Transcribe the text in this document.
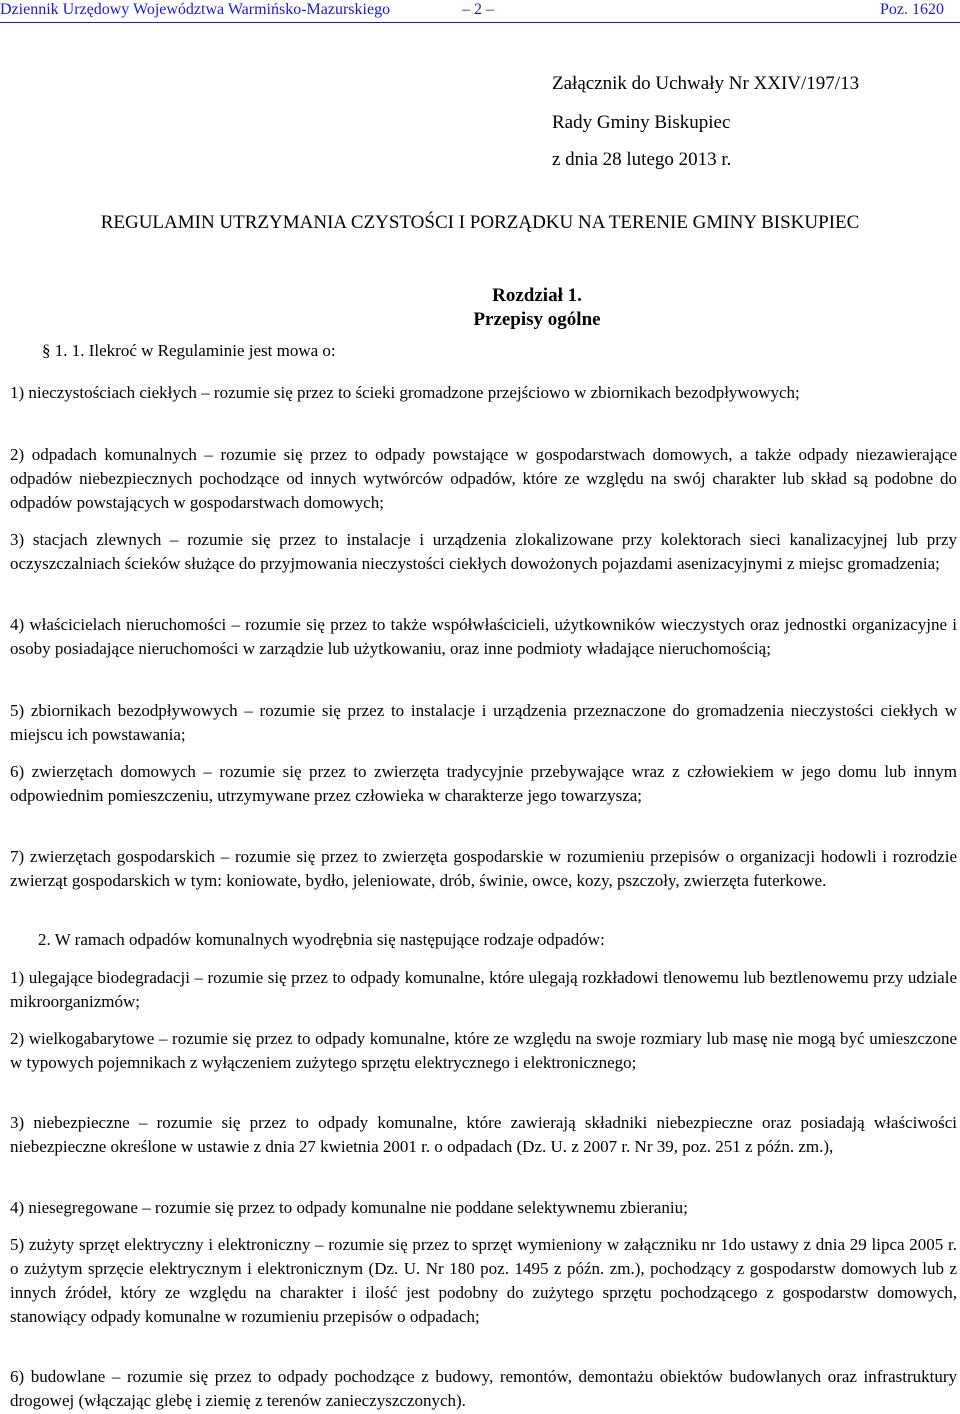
Dziennik Urzędowy Województwa Warmińsko-Mazurskiego	– 2 –	Poz. 1620
Załącznik do Uchwały Nr XXIV/197/13
Rady Gminy Biskupiec
z dnia 28 lutego 2013 r.
REGULAMIN UTRZYMANIA CZYSTOŚCI I PORZĄDKU NA TERENIE GMINY BISKUPIEC
Rozdział 1.
Przepisy ogólne
§ 1. 1. Ilekroć w Regulaminie jest mowa o:
1) nieczystościach ciekłych – rozumie się przez to ścieki gromadzone przejściowo w zbiornikach bezodpływowych;
2) odpadach komunalnych – rozumie się przez to odpady powstające w gospodarstwach domowych, a także odpady niezawierające odpadów niebezpiecznych pochodzące od innych wytwórców odpadów, które ze względu na swój charakter lub skład są podobne do odpadów powstających w gospodarstwach domowych;
3) stacjach zlewnych – rozumie się przez to instalacje i urządzenia zlokalizowane przy kolektorach sieci kanalizacyjnej lub przy oczyszczalniach ścieków służące do przyjmowania nieczystości ciekłych dowożonych pojazdami asenizacyjnymi z miejsc gromadzenia;
4) właścicielach nieruchomości – rozumie się przez to także współwłaścicieli, użytkowników wieczystych oraz jednostki organizacyjne i osoby posiadające nieruchomości w zarządzie lub użytkowaniu, oraz inne podmioty władające nieruchomością;
5) zbiornikach bezodpływowych – rozumie się przez to instalacje i urządzenia przeznaczone do gromadzenia nieczystości ciekłych w miejscu ich powstawania;
6) zwierzętach domowych – rozumie się przez to zwierzęta tradycyjnie przebywające wraz z człowiekiem w jego domu lub innym odpowiednim pomieszczeniu, utrzymywane przez człowieka w charakterze jego towarzysza;
7) zwierzętach gospodarskich – rozumie się przez to zwierzęta gospodarskie w rozumieniu przepisów o organizacji hodowli i rozrodzie zwierząt gospodarskich w tym: koniowate, bydło, jeleniowate, drób, świnie, owce, kozy, pszczoły, zwierzęta futerkowe.
2. W ramach odpadów komunalnych wyodrębnia się następujące rodzaje odpadów:
1) ulegające biodegradacji – rozumie się przez to odpady komunalne, które ulegają rozkładowi tlenowemu lub beztlenowemu przy udziale mikroorganizmów;
2) wielkogabarytowe – rozumie się przez to odpady komunalne, które ze względu na swoje rozmiary lub masę nie mogą być umieszczone w typowych pojemnikach z wyłączeniem zużytego sprzętu elektrycznego i elektronicznego;
3) niebezpieczne – rozumie się przez to odpady komunalne, które zawierają składniki niebezpieczne oraz posiadają właściwości niebezpieczne określone w ustawie z dnia 27 kwietnia 2001 r. o odpadach (Dz. U. z 2007 r. Nr 39, poz. 251 z późn. zm.),
4) niesegregowane – rozumie się przez to odpady komunalne nie poddane selektywnemu zbieraniu;
5) zużyty sprzęt elektryczny i elektroniczny – rozumie się przez to sprzęt wymieniony w załączniku nr 1do ustawy z dnia 29 lipca 2005 r. o zużytym sprzęcie elektrycznym i elektronicznym (Dz. U. Nr 180 poz. 1495 z późn. zm.), pochodzący z gospodarstw domowych lub z innych źródeł, który ze względu na charakter i ilość jest podobny do zużytego sprzętu pochodzącego z gospodarstw domowych, stanowiący odpady komunalne w rozumieniu przepisów o odpadach;
6) budowlane – rozumie się przez to odpady pochodzące z budowy, remontów, demontażu obiektów budowlanych oraz infrastruktury drogowej (włączając glebę i ziemię z terenów zanieczyszczonych).
